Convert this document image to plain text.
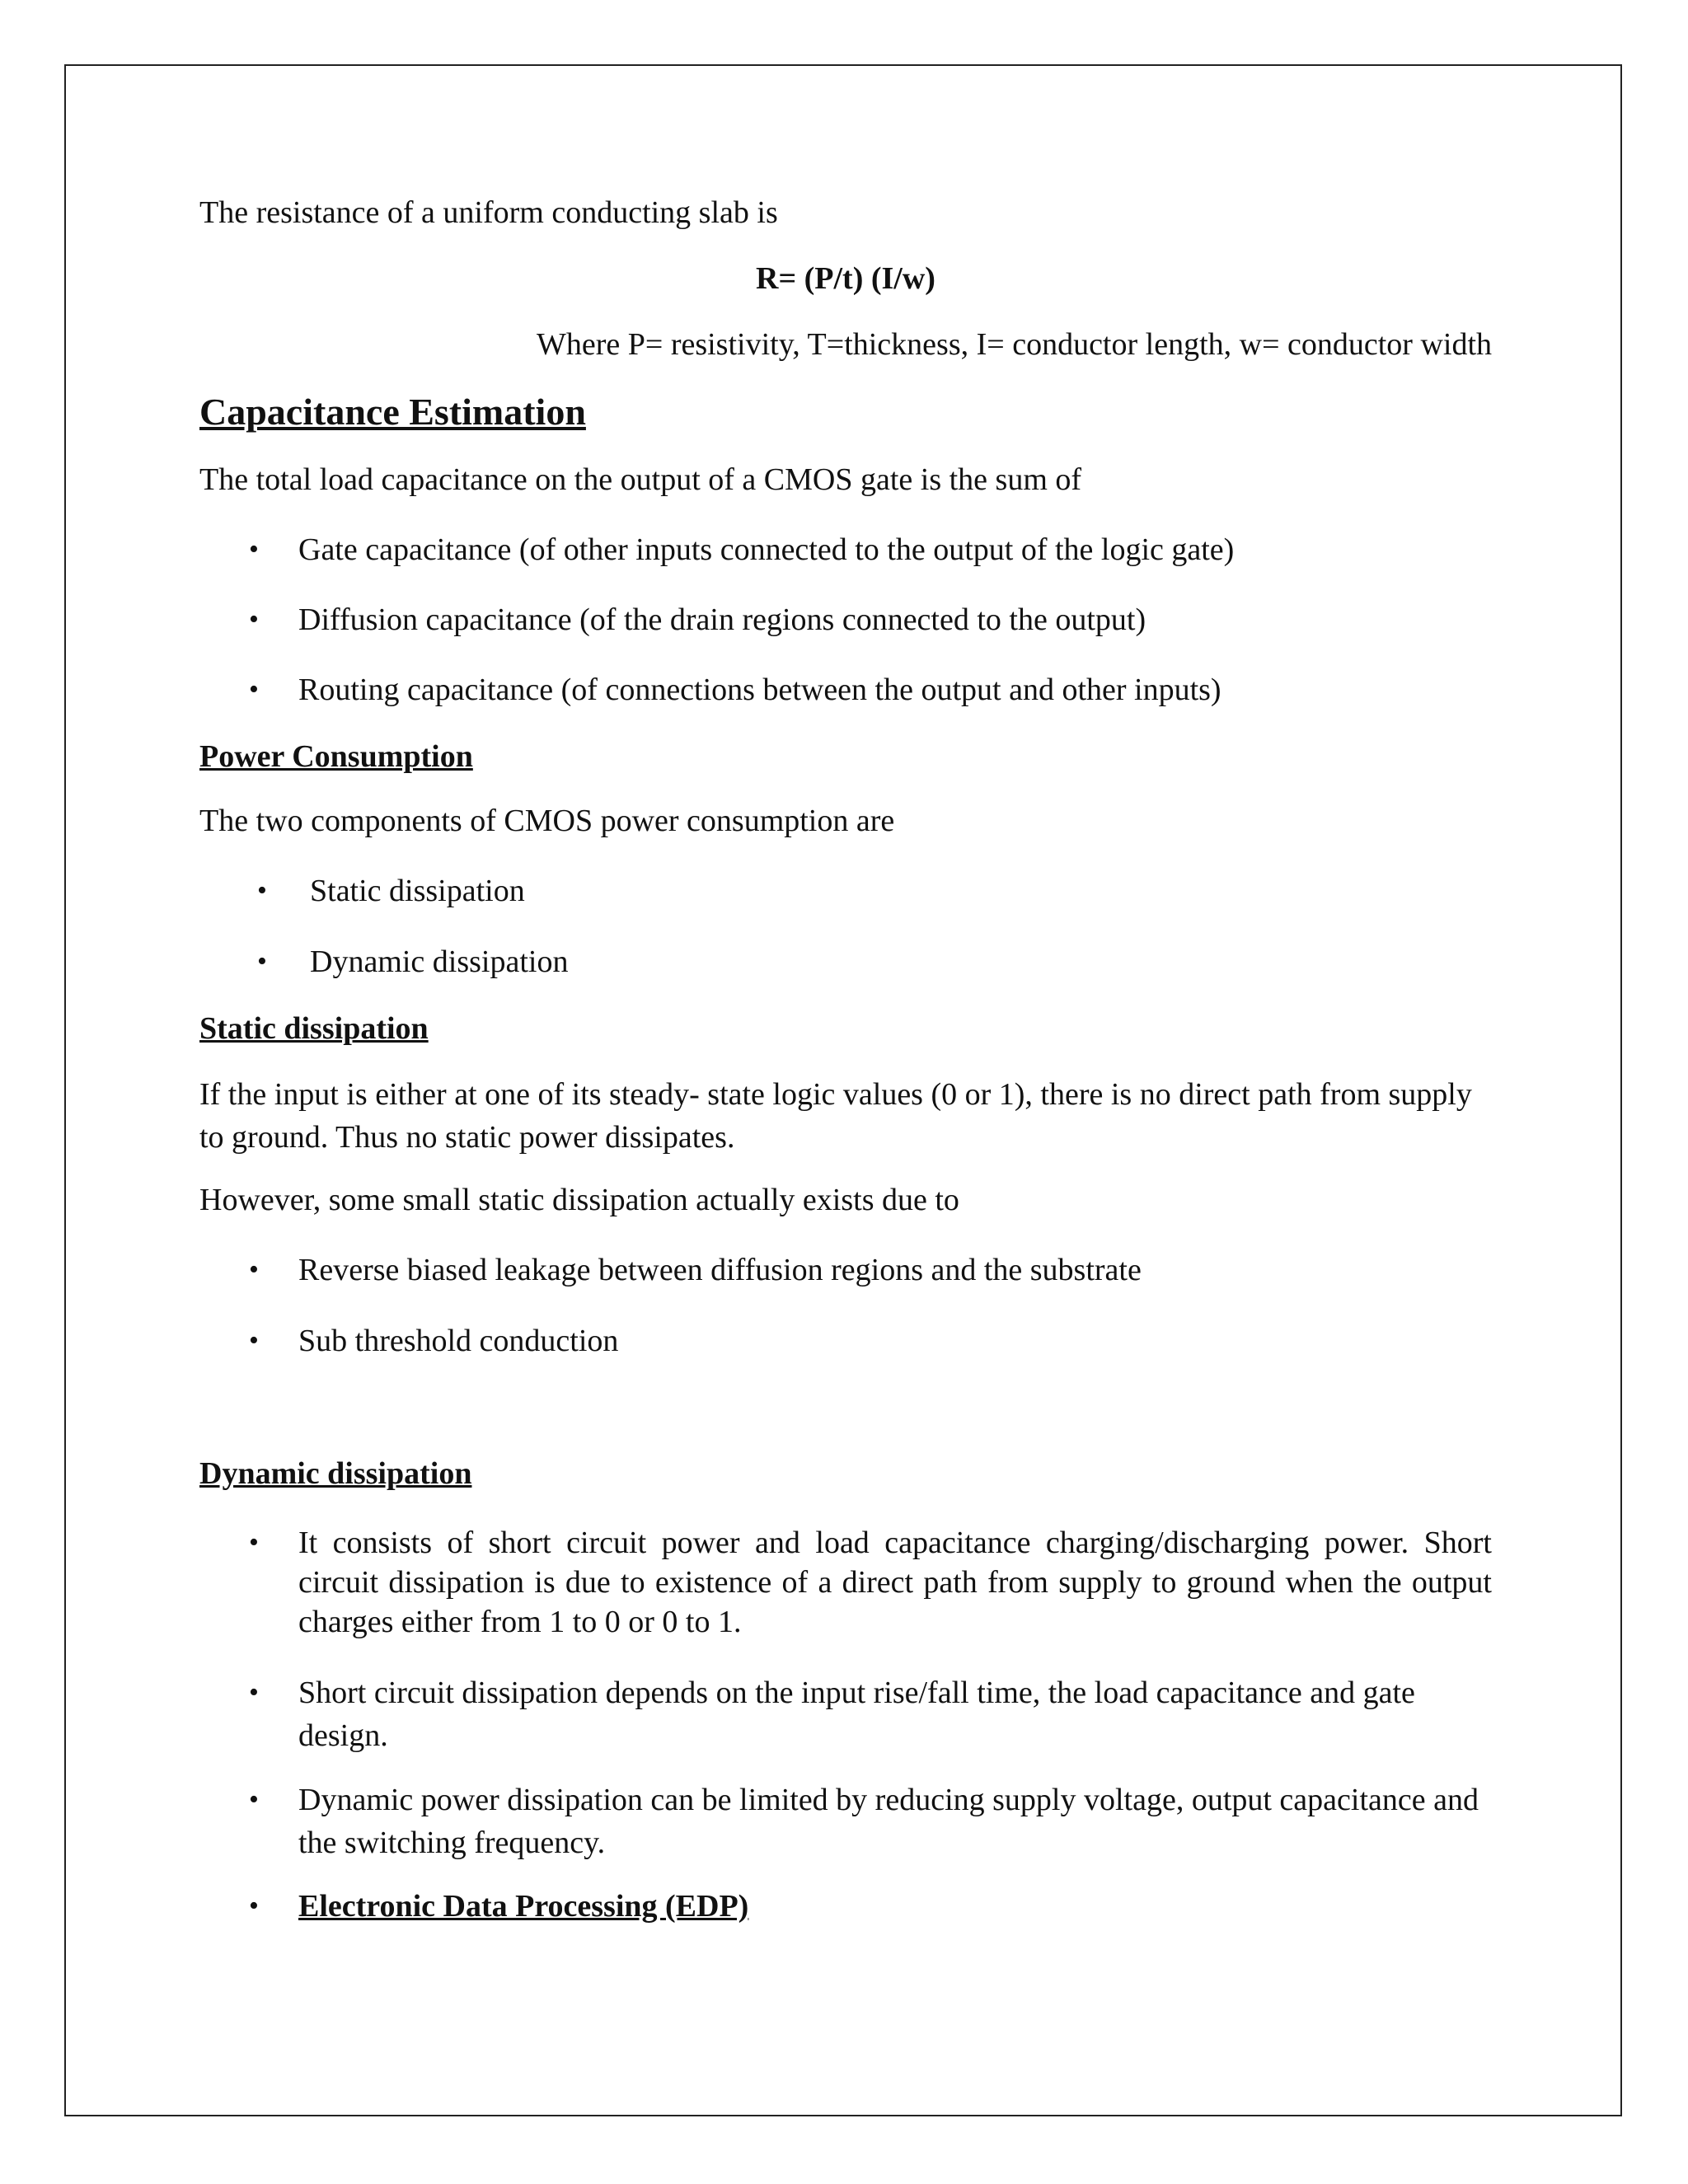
The resistance of a uniform conducting slab is
R= (P/t) (I/w)
Where P= resistivity, T=thickness, I= conductor length, w= conductor width
Capacitance Estimation
The total load capacitance on the output of a CMOS gate is the sum of
•	Gate capacitance (of other inputs connected to the output of the logic gate)
•	Diffusion capacitance (of the drain regions connected to the output)
•	Routing capacitance (of connections between the output and other inputs)
Power Consumption
The two components of CMOS power consumption are
•	Static dissipation
•	Dynamic dissipation
Static dissipation
If the input is either at one of its steady- state logic values (0 or 1), there is no direct path from supply to ground. Thus no static power dissipates.
However, some small static dissipation actually exists due to
•	Reverse biased leakage between diffusion regions and the substrate
•	Sub threshold conduction
Dynamic dissipation
•	It consists of short circuit power and load capacitance charging/discharging power. Short circuit dissipation is due to existence of a direct path from supply to ground when the output charges either from 1 to 0 or 0 to 1.
•	Short circuit dissipation depends on the input rise/fall time, the load capacitance and gate design.
•	Dynamic power dissipation can be limited by reducing supply voltage, output capacitance and the switching frequency.
•	Electronic Data Processing (EDP)
